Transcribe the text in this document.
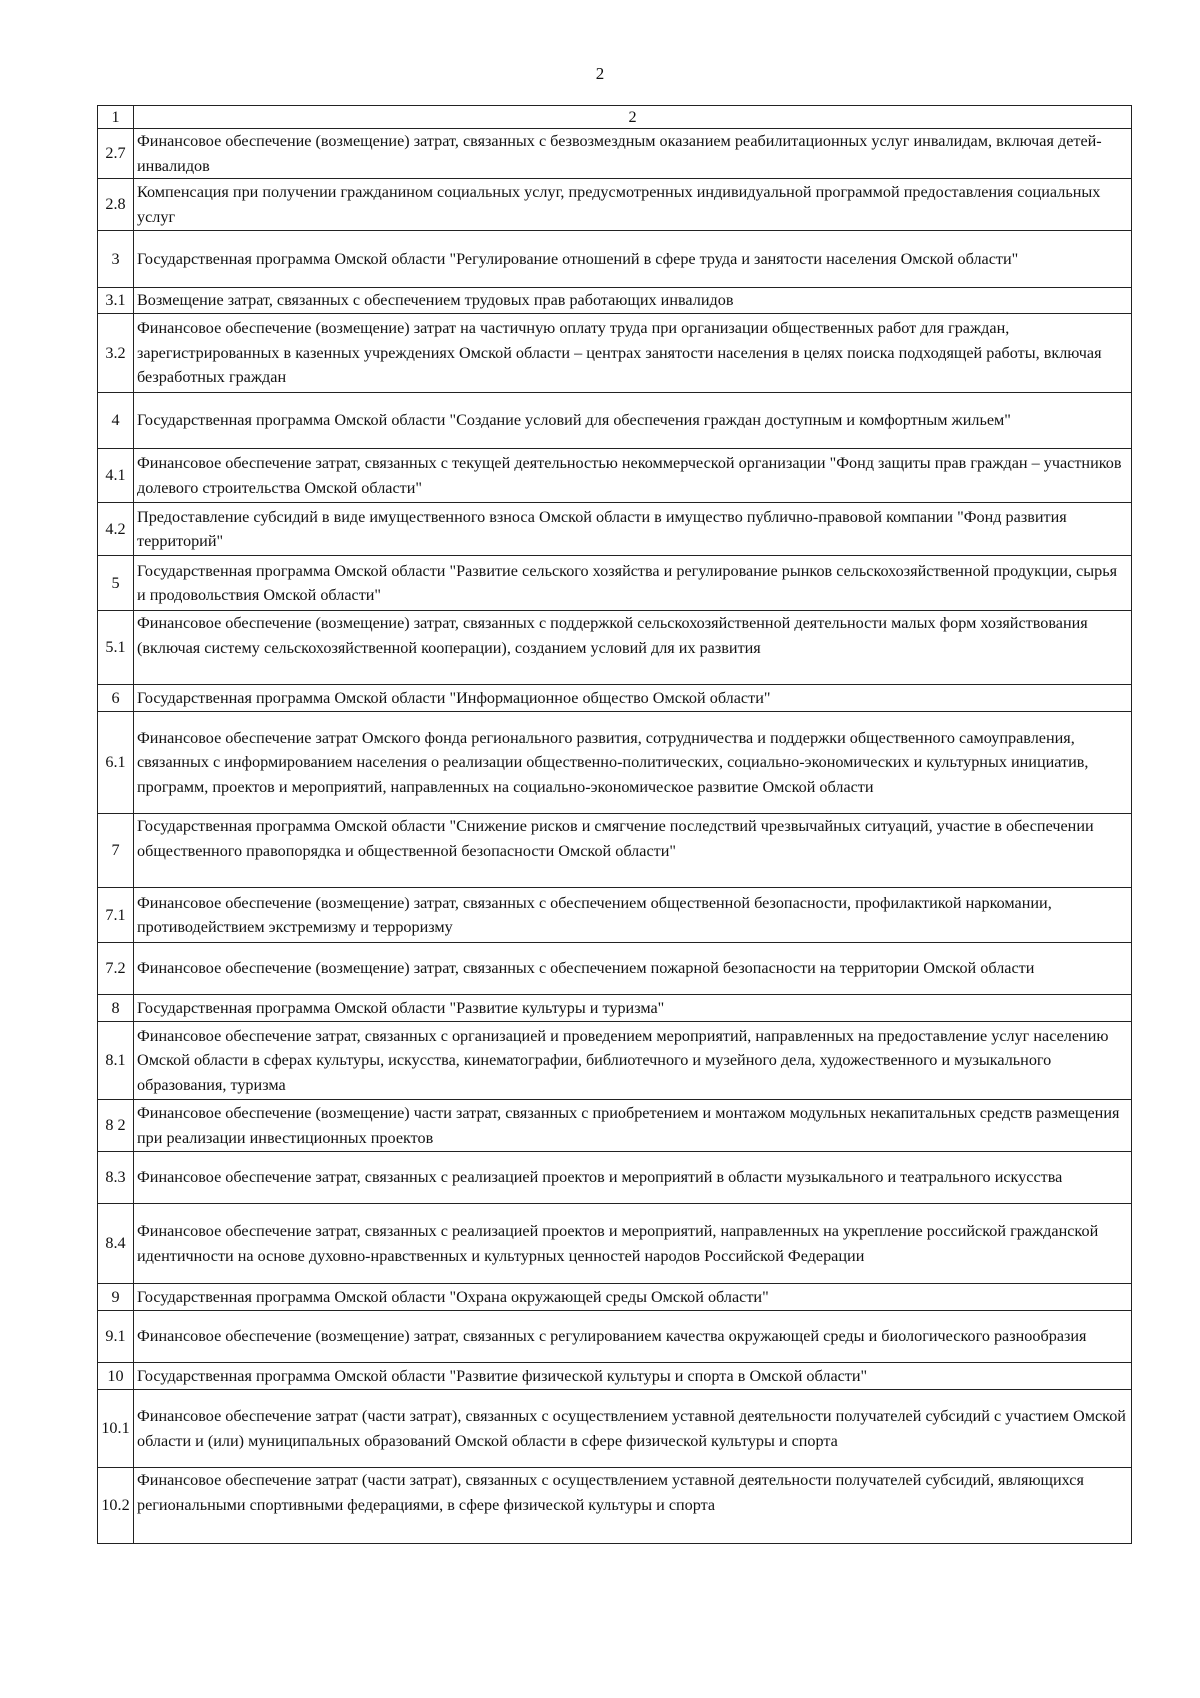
2
1	2
2.7	Финансовое обеспечение (возмещение) затрат, связанных с безвозмездным оказанием реабилитационных услуг инвалидам, включая детей-инвалидов
2.8	Компенсация при получении гражданином социальных услуг, предусмотренных индивидуальной программой предоставления социальных услуг
3	Государственная программа Омской области "Регулирование отношений в сфере труда и занятости населения Омской области"
3.1	Возмещение затрат, связанных с обеспечением трудовых прав работающих инвалидов
3.2	Финансовое обеспечение (возмещение) затрат на частичную оплату труда при организации общественных работ для граждан, зарегистрированных в казенных учреждениях Омской области – центрах занятости населения в целях поиска подходящей работы, включая безработных граждан
4	Государственная программа Омской области "Создание условий для обеспечения граждан доступным и комфортным жильем"
4.1	Финансовое обеспечение затрат, связанных с текущей деятельностью некоммерческой организации "Фонд защиты прав граждан – участников долевого строительства Омской области"
4.2	Предоставление субсидий в виде имущественного взноса Омской области в имущество публично-правовой компании "Фонд развития территорий"
5	Государственная программа Омской области "Развитие сельского хозяйства и регулирование рынков сельскохозяйственной продукции, сырья и продовольствия Омской области"
5.1	Финансовое обеспечение (возмещение) затрат, связанных с поддержкой сельскохозяйственной деятельности малых форм хозяйствования (включая систему сельскохозяйственной кооперации), созданием условий для их развития
6	Государственная программа Омской области "Информационное общество Омской области"
6.1	Финансовое обеспечение затрат Омского фонда регионального развития, сотрудничества и поддержки общественного самоуправления, связанных с информированием населения о реализации общественно-политических, социально-экономических и культурных инициатив, программ, проектов и мероприятий, направленных на социально-экономическое развитие Омской области
7	Государственная программа Омской области "Снижение рисков и смягчение последствий чрезвычайных ситуаций, участие в обеспечении общественного правопорядка и общественной безопасности Омской области"
7.1	Финансовое обеспечение (возмещение) затрат, связанных с обеспечением общественной безопасности, профилактикой наркомании, противодействием экстремизму и терроризму
7.2	Финансовое обеспечение (возмещение) затрат, связанных с обеспечением пожарной безопасности на территории Омской области
8	Государственная программа Омской области "Развитие культуры и туризма"
8.1	Финансовое обеспечение затрат, связанных с организацией и проведением мероприятий, направленных на предоставление услуг населению Омской области в сферах культуры, искусства, кинематографии, библиотечного и музейного дела, художественного и музыкального образования, туризма
8 2	Финансовое обеспечение (возмещение) части затрат, связанных с приобретением и монтажом модульных некапитальных средств размещения при реализации инвестиционных проектов
8.3	Финансовое обеспечение затрат, связанных с реализацией проектов и мероприятий в области музыкального и театрального искусства
8.4	Финансовое обеспечение затрат, связанных с реализацией проектов и мероприятий, направленных на укрепление российской гражданской идентичности на основе духовно-нравственных и культурных ценностей народов Российской Федерации
9	Государственная программа Омской области "Охрана окружающей среды Омской области"
9.1	Финансовое обеспечение (возмещение) затрат, связанных с регулированием качества окружающей среды и биологического разнообразия
10	Государственная программа Омской области "Развитие физической культуры и спорта в Омской области"
10.1	Финансовое обеспечение затрат (части затрат), связанных с осуществлением уставной деятельности получателей субсидий с участием Омской области и (или) муниципальных образований Омской области в сфере физической культуры и спорта
10.2	Финансовое обеспечение затрат (части затрат), связанных с осуществлением уставной деятельности получателей субсидий, являющихся региональными спортивными федерациями, в сфере физической культуры и спорта
